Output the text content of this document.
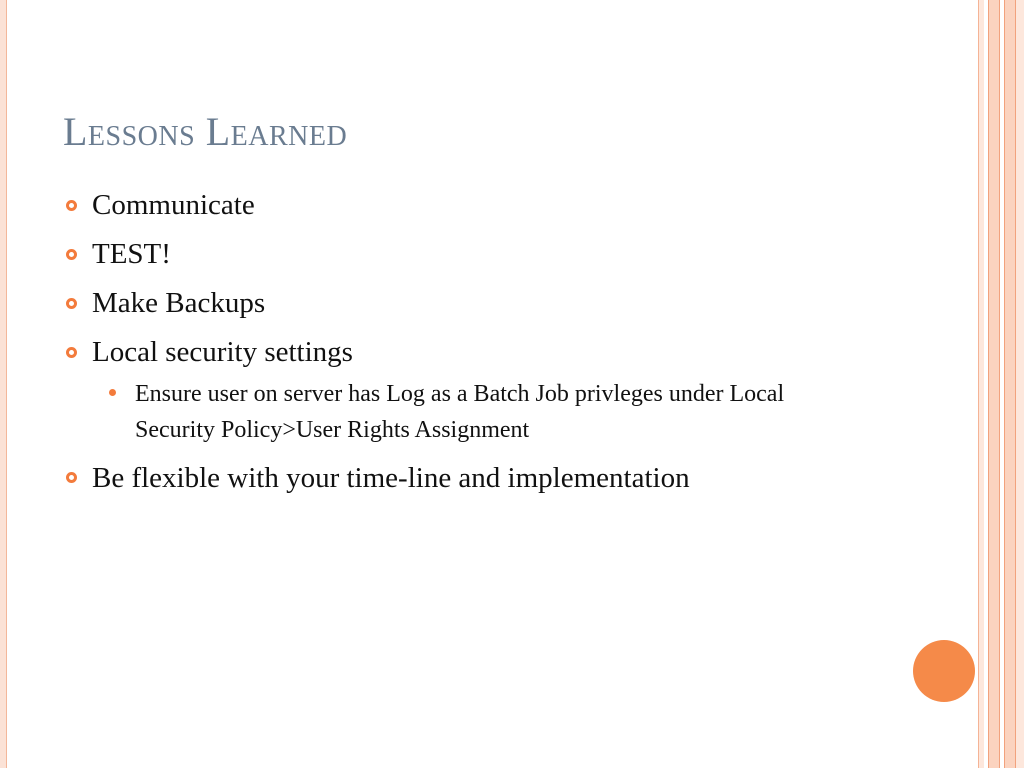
Lessons Learned
Communicate
TEST!
Make Backups
Local security settings
Ensure user on server has Log as a Batch Job privleges under Local Security Policy>User Rights Assignment
Be flexible with your time-line and implementation
